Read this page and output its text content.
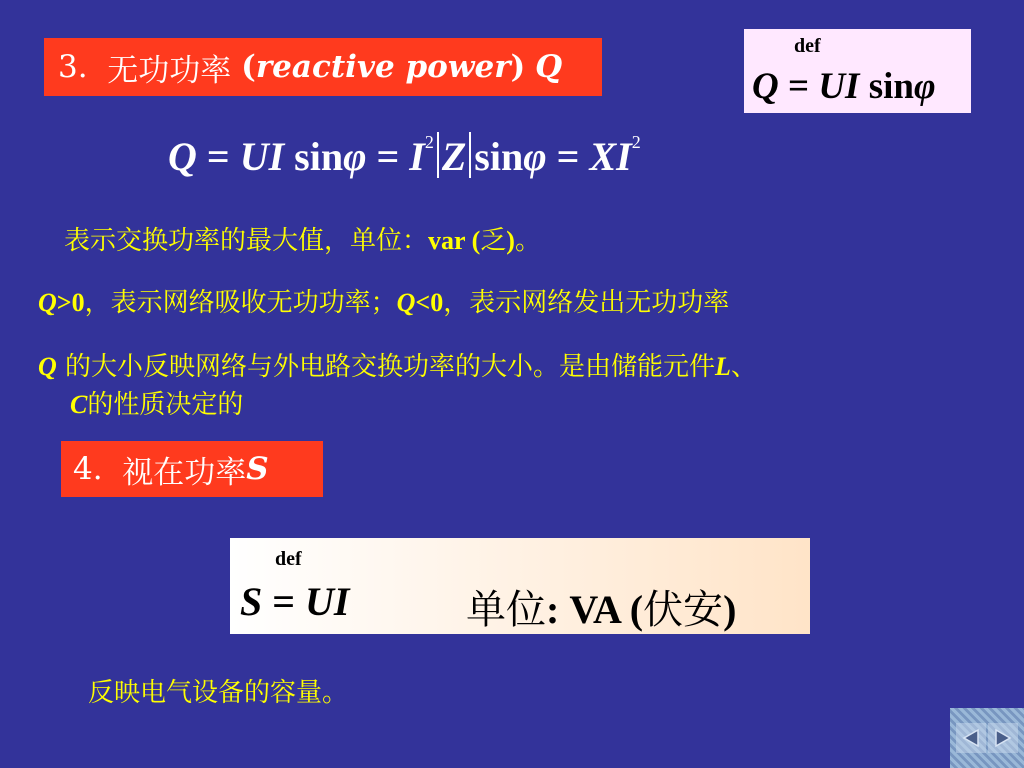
3.
无功功率
( reactive power )
Q
def
Q = UI sinφ
Q = UI $\sin\varphi = I^2$ Z $\sin\varphi = XI^2$
表示交换功率的最大值，单位：var (乏)。
Q>0，表示网络吸收无功功率；Q<0，表示网络发出无功功率
Q 的大小反映网络与外电路交换功率的大小。是由储能元件L、
C的性质决定的
4.
视在功率 S
def
S = UI	单位: VA (伏安)
反映电气设备的容量。
